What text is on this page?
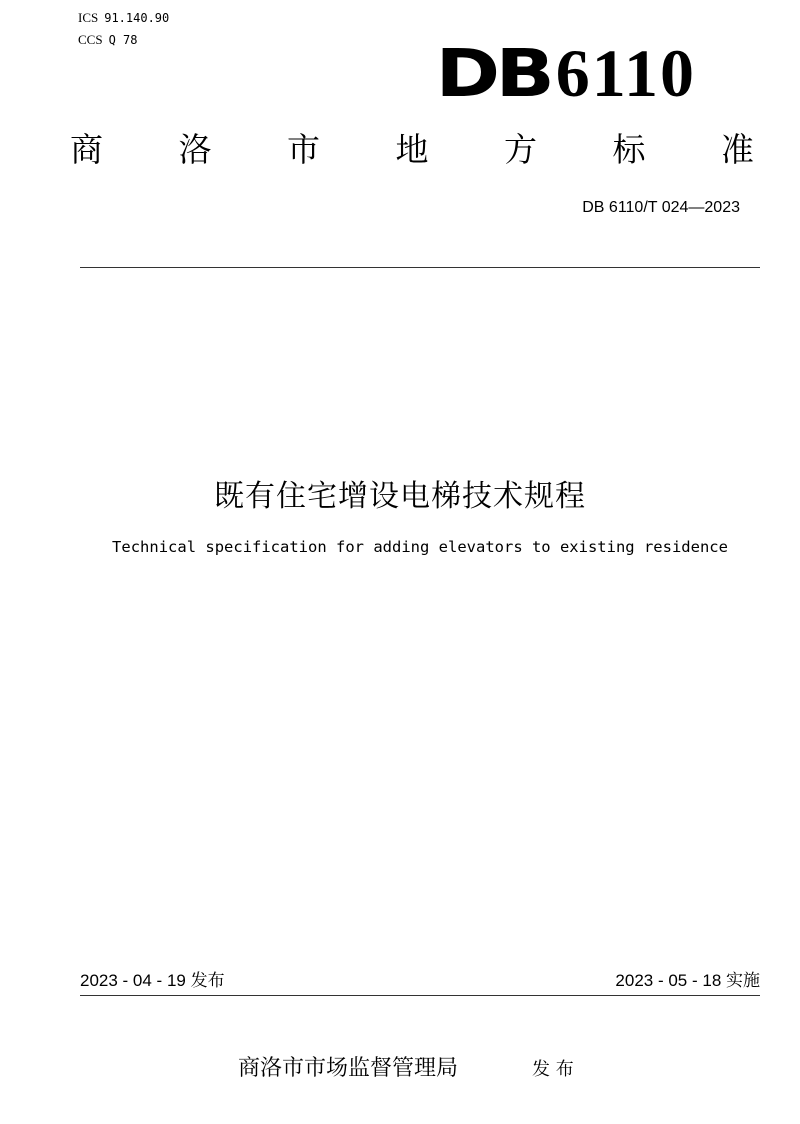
ICS 91.140.90
CCS Q 78	DB6110
商 洛 市 地 方 标 准
DB 6110/T 024—2023
既有住宅增设电梯技术规程
Technical specification for adding elevators to existing residence
2023 - 04 - 19 发布	2023 - 05 - 18 实施
商洛市市场监督管理局	发 布
